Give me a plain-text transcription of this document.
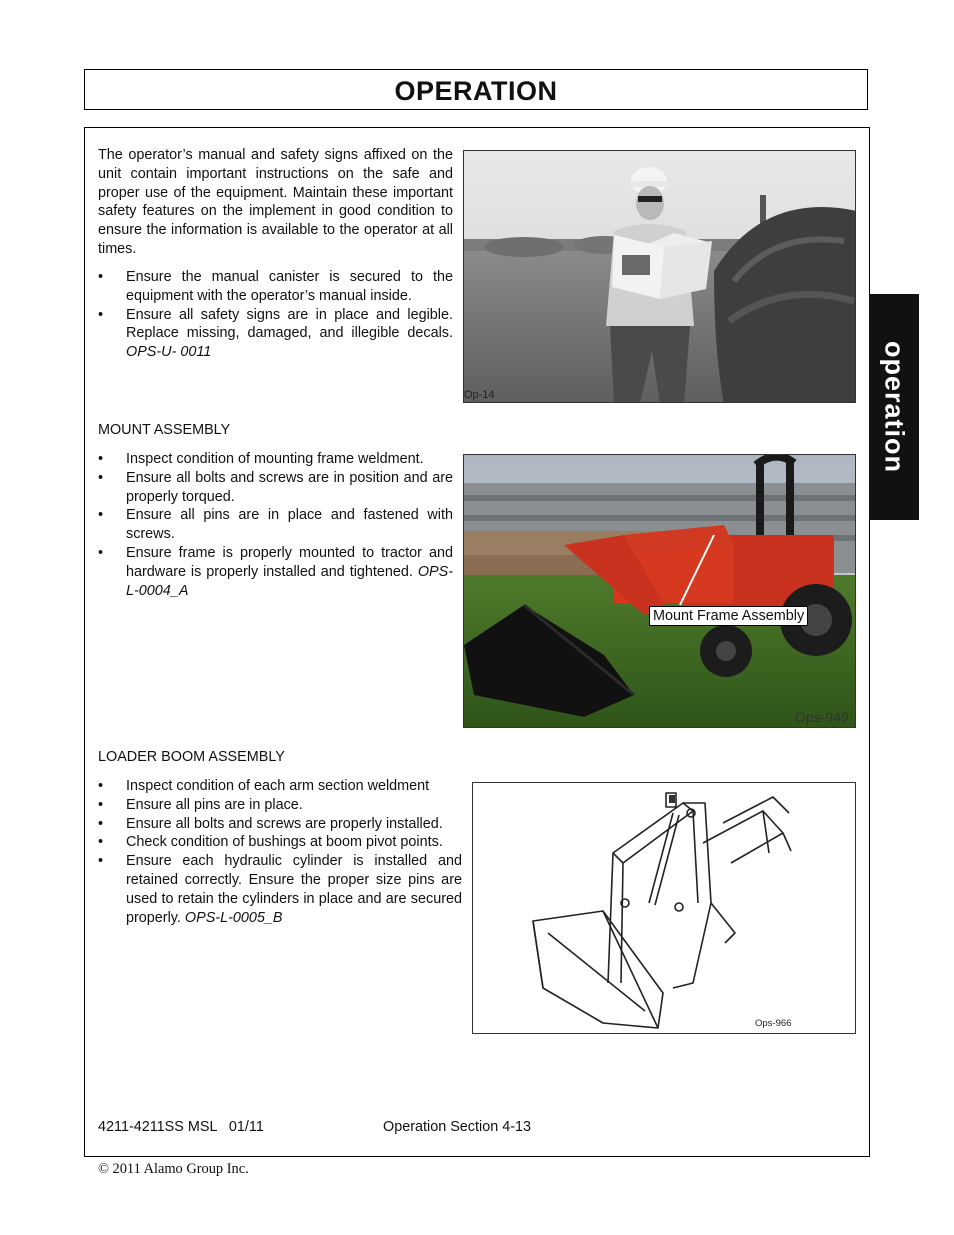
OPERATION
operation
The operator’s manual and safety signs affixed on the unit contain important instructions on the safe and proper use of the equipment. Maintain these important safety features on the implement in good condition to ensure the information is available to the operator at all times.
• Ensure the manual canister is secured to the equipment with the operator’s manual inside.
• Ensure all safety signs are in place and legible. Replace missing, damaged, and illegible decals. OPS-U- 0011
Op-14
MOUNT ASSEMBLY
• Inspect condition of mounting frame weldment.
• Ensure all bolts and screws are in position and are properly torqued.
• Ensure all pins are in place and fastened with screws.
• Ensure frame is properly mounted to tractor and hardware is properly installed and tightened. OPS-L-0004_A
Mount Frame Assembly
Ops-949
LOADER BOOM ASSEMBLY
• Inspect condition of each arm section weldment
• Ensure all pins are in place.
• Ensure all bolts and screws are properly installed.
• Check condition of bushings at boom pivot points.
• Ensure each hydraulic cylinder is installed and retained correctly. Ensure the proper size pins are used to retain the cylinders in place and are secured properly. OPS-L-0005_B
Ops-966
4211-4211SS MSL   01/11	Operation Section 4-13
© 2011 Alamo Group Inc.
